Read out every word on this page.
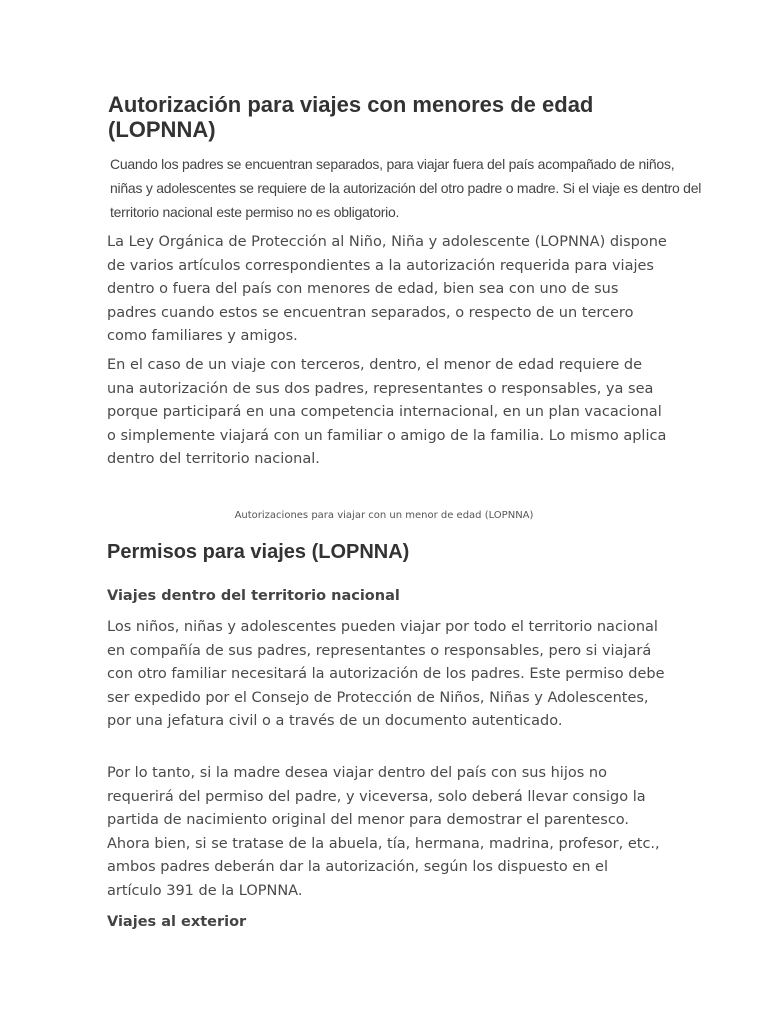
Autorización para viajes con menores de edad (LOPNNA)

Cuando los padres se encuentran separados, para viajar fuera del país acompañado de niños, niñas y adolescentes se requiere de la autorización del otro padre o madre. Si el viaje es dentro del territorio nacional este permiso no es obligatorio.

La Ley Orgánica de Protección al Niño, Niña y adolescente (LOPNNA) dispone de varios artículos correspondientes a la autorización requerida para viajes dentro o fuera del país con menores de edad, bien sea con uno de sus padres cuando estos se encuentran separados, o respecto de un tercero como familiares y amigos.

En el caso de un viaje con terceros, dentro, el menor de edad requiere de una autorización de sus dos padres, representantes o responsables, ya sea porque participará en una competencia internacional, en un plan vacacional o simplemente viajará con un familiar o amigo de la familia. Lo mismo aplica dentro del territorio nacional.

Autorizaciones para viajar con un menor de edad (LOPNNA)

Permisos para viajes (LOPNNA)
Viajes dentro del territorio nacional

Los niños, niñas y adolescentes pueden viajar por todo el territorio nacional en compañía de sus padres, representantes o responsables, pero si viajará con otro familiar necesitará la autorización de los padres. Este permiso debe ser expedido por el Consejo de Protección de Niños, Niñas y Adolescentes, por una jefatura civil o a través de un documento autenticado.

Por lo tanto, si la madre desea viajar dentro del país con sus hijos no requerirá del permiso del padre, y viceversa, solo deberá llevar consigo la partida de nacimiento original del menor para demostrar el parentesco. Ahora bien, si se tratase de la abuela, tía, hermana, madrina, profesor, etc., ambos padres deberán dar la autorización, según los dispuesto en el artículo 391 de la LOPNNA.

Viajes al exterior
